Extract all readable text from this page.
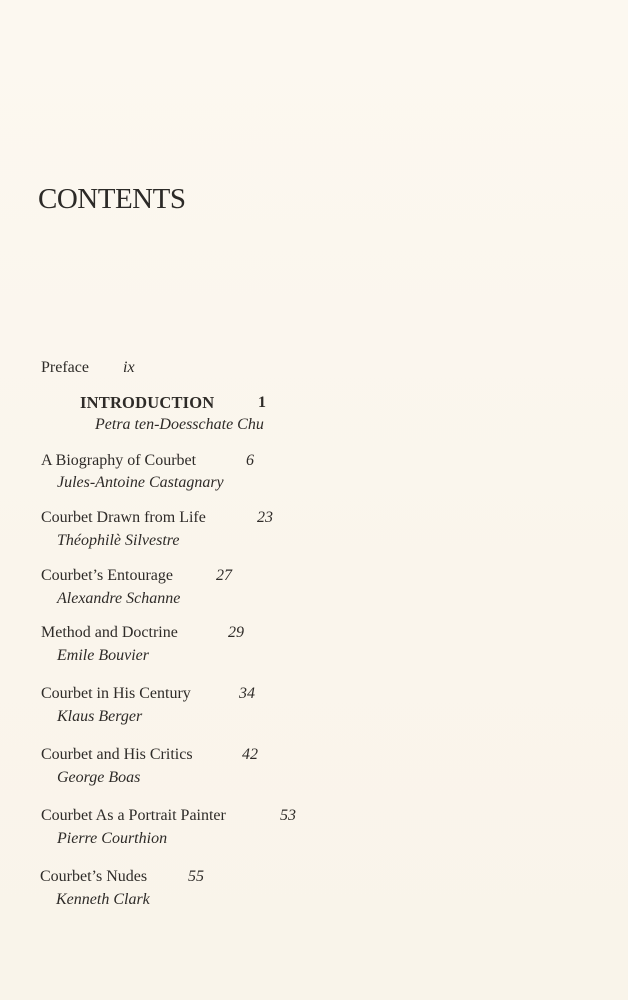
CONTENTS
Preface ix
INTRODUCTION	1
Petra ten-Doesschate Chu
A Biography of Courbet	6
Jules-Antoine Castagnary
Courbet Drawn from Life	23
Théophilè Silvestre
Courbet’s Entourage	27
Alexandre Schanne
Method and Doctrine	29
Emile Bouvier
Courbet in His Century	34
Klaus Berger
Courbet and His Critics	42
George Boas
Courbet As a Portrait Painter	53
Pierre Courthion
Courbet’s Nudes	55
Kenneth Clark
